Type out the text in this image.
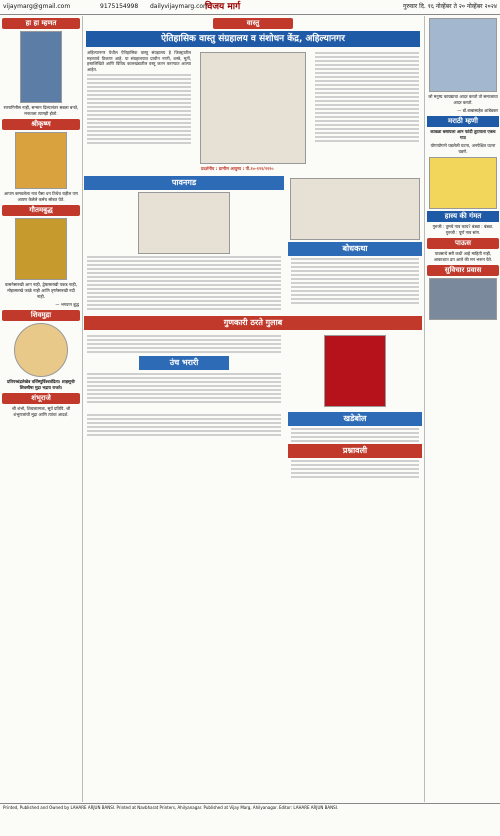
vijaymarg@gmail.com	9175154998 dailyvijaymarg.com
विजय मार्ग	गुरुवार दि. १६ नोव्हेंबर ते २० नोव्हेंबर २०२४
हा हा म्हणत
रणरागिनीस नाही, सन्मान दिल्यानंतर सबला बनते, मनातला त्यागही होतो.
श्रीकृष्ण
आपण कमवलेला नाव पैसा धन तिथेच राहील पण आपण केलेले कर्मच सोबत येते.
गौतमबुद्ध
वासनेसारखी आग नाही, द्वेषासारखी पकड नाही, मोहासारखे जाळे नाही आणि तृष्णेसारखी नदी नाही.
— भगवान बुद्ध
शिवमुद्रा
प्रतिपच्चंद्रलेखेव वर्धिष्णुर्विश्ववंदिता। शाहसूनोः शिवस्यैषा मुद्रा भद्राय राजते।
शंभूराजे
श्री शंभो, शिवजात्मजः, सूर्य प्रतिपि. श्री शंभूराजांची मुद्रा आणि त्यांचा आदर्श.
वास्तु
ऐतिहासिक वास्तु संग्रहालय व संशोधन केंद्र, अहिल्यानगर
अहिल्यानगर येथील ऐतिहासिक वास्तु संग्रहालय हे जिल्ह्यातील महत्त्वाचे ठिकाण आहे. या संग्रहालयात प्राचीन नाणी, शस्त्रे, मूर्ती, हस्तलिखिते आणि विविध कालखंडातील वस्तू जतन करण्यात आल्या आहेत.
प्रदर्शनीय : ग्रामीण आयुष्य : पी.१०-१२१/२१२०
पावनगड
बोधकथा
गुणकारी ठरते गुलाब
उंच भरारी
खडेबोल
प्रश्नावली
जो मनुष्य कायद्याचा आदर करतो तो समाजाचा आदर करतो.
— डॉ.बाबासाहेब आंबेडकर
मराठी म्हणी
कावळा बसायला आन फांदी तुटायला एकच गाठ
योगायोगाने घडलेली घटना, अनपेक्षित घटना घडणे.
हास्य की गंमत
गुरुजी : तुमचे नाव काय? बंड्या : बंड्या. गुरुजी : पूर्ण नाव सांग.
पाऊस
पावसाचे सरी कधी आहे माहिती नाही, आकाशात ढग आले की मन भरून येते.
सुविचार प्रवास
Printed, Published and Owned by LAHARE ARJUN BANSI. Printed at Navbharat Printers, Ahilyanagar. Published at Vijay Marg, Ahilyanagar. Editor: LAHARE ARJUN BANSI.
